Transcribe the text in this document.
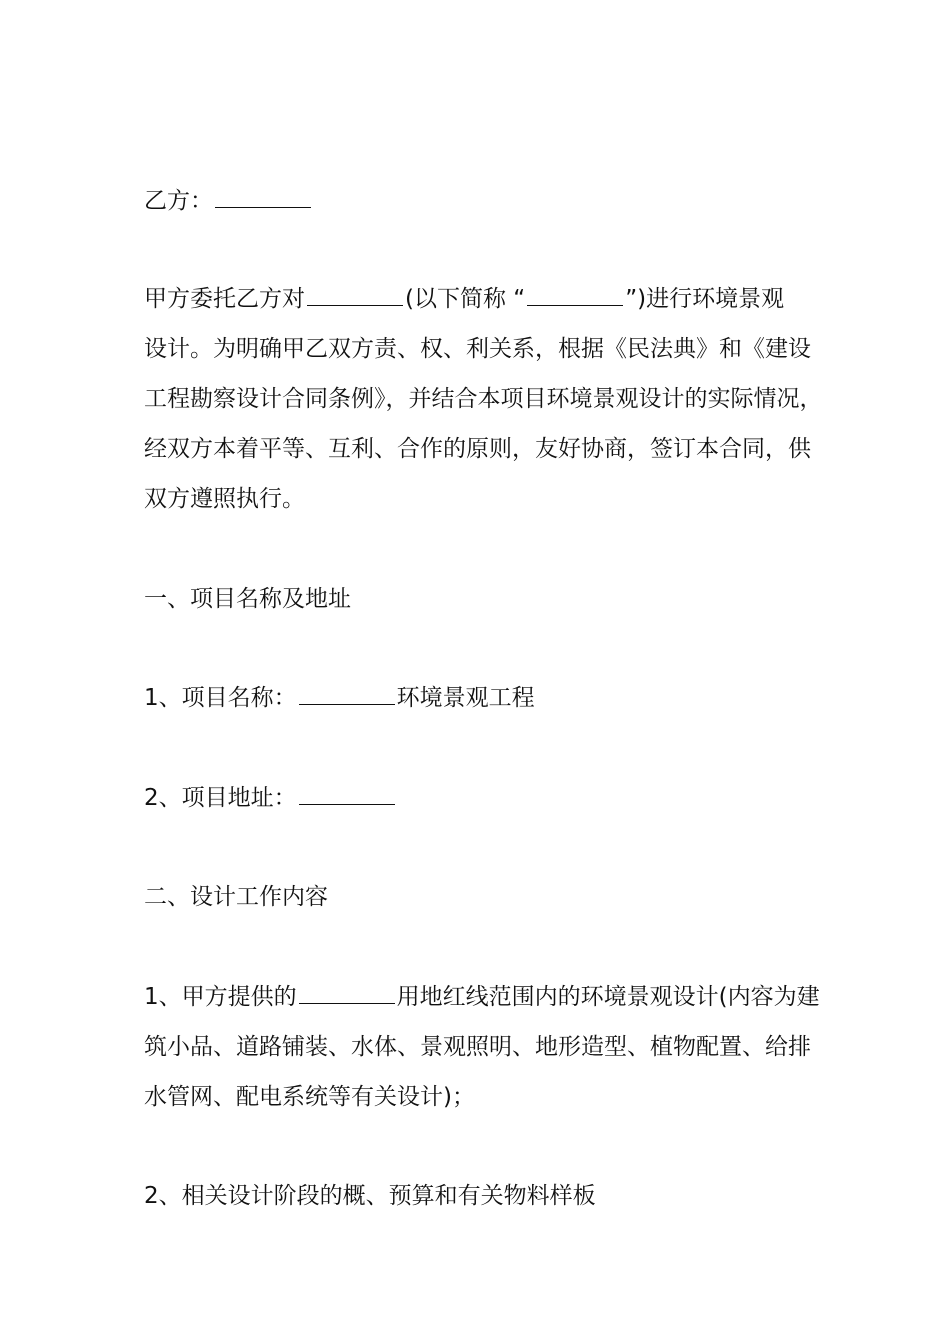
乙方：
甲方委托乙方对	(以下简称 “	”)进行环境景观
设计。为明确甲乙双方责、权、利关系，根据《民法典》和《建设
工程勘察设计合同条例》，并结合本项目环境景观设计的实际情况，
经双方本着平等、互利、合作的原则，友好协商，签订本合同，供
双方遵照执行。
一、项目名称及地址
1、项目名称：	环境景观工程
2、项目地址：
二、设计工作内容
1、甲方提供的	用地红线范围内的环境景观设计(内容为建
筑小品、道路铺装、水体、景观照明、地形造型、植物配置、给排
水管网、配电系统等有关设计)；
2、相关设计阶段的概、预算和有关物料样板
